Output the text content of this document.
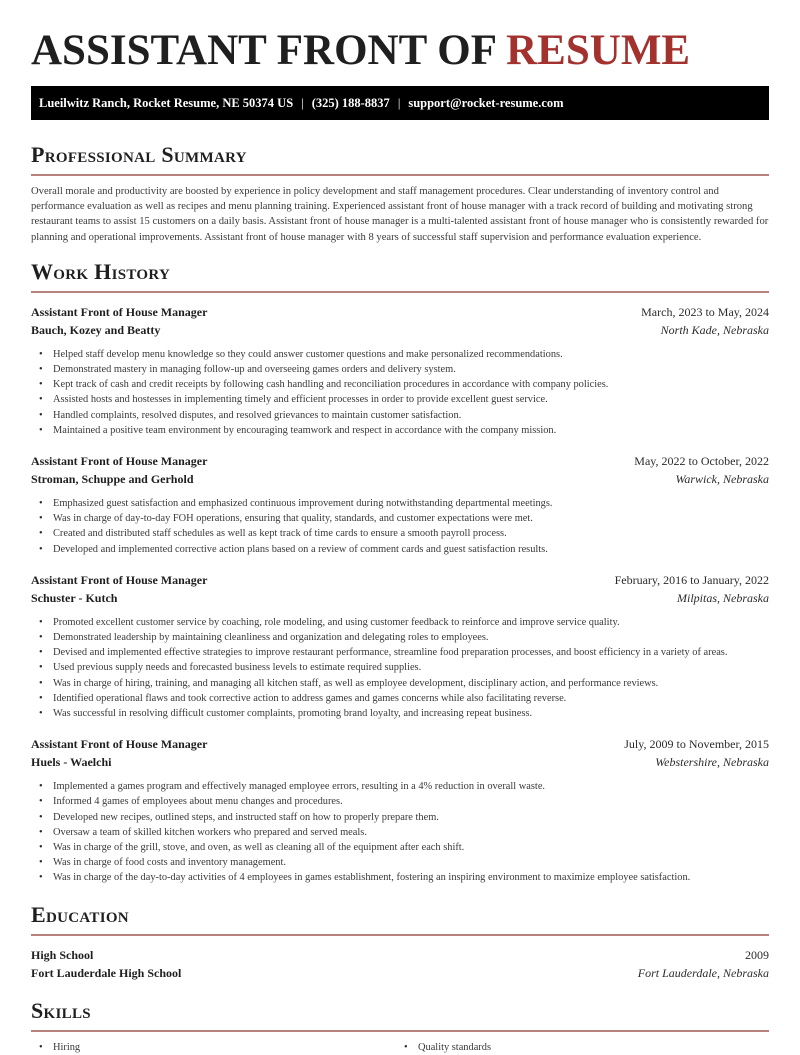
ASSISTANT FRONT OF RESUME
Lueilwitz Ranch, Rocket Resume, NE 50374 US | (325) 188-8837 | support@rocket-resume.com
Professional Summary

Overall morale and productivity are boosted by experience in policy development and staff management procedures. Clear understanding of inventory control and performance evaluation as well as recipes and menu planning training. Experienced assistant front of house manager with a track record of building and motivating strong restaurant teams to assist 15 customers on a daily basis. Assistant front of house manager is a multi-talented assistant front of house manager who is consistently rewarded for planning and operational improvements. Assistant front of house manager with 8 years of successful staff supervision and performance evaluation experience.

Work History
Assistant Front of House Manager	March, 2023 to May, 2024
Bauch, Kozey and Beatty	North Kade, Nebraska
• Helped staff develop menu knowledge so they could answer customer questions and make personalized recommendations.
• Demonstrated mastery in managing follow-up and overseeing games orders and delivery system.
• Kept track of cash and credit receipts by following cash handling and reconciliation procedures in accordance with company policies.
• Assisted hosts and hostesses in implementing timely and efficient processes in order to provide excellent guest service.
• Handled complaints, resolved disputes, and resolved grievances to maintain customer satisfaction.
• Maintained a positive team environment by encouraging teamwork and respect in accordance with the company mission.
Assistant Front of House Manager	May, 2022 to October, 2022
Stroman, Schuppe and Gerhold	Warwick, Nebraska
• Emphasized guest satisfaction and emphasized continuous improvement during notwithstanding departmental meetings.
• Was in charge of day-to-day FOH operations, ensuring that quality, standards, and customer expectations were met.
• Created and distributed staff schedules as well as kept track of time cards to ensure a smooth payroll process.
• Developed and implemented corrective action plans based on a review of comment cards and guest satisfaction results.
Assistant Front of House Manager	February, 2016 to January, 2022
Schuster - Kutch	Milpitas, Nebraska
• Promoted excellent customer service by coaching, role modeling, and using customer feedback to reinforce and improve service quality.
• Demonstrated leadership by maintaining cleanliness and organization and delegating roles to employees.
• Devised and implemented effective strategies to improve restaurant performance, streamline food preparation processes, and boost efficiency in a variety of areas.
• Used previous supply needs and forecasted business levels to estimate required supplies.
• Was in charge of hiring, training, and managing all kitchen staff, as well as employee development, disciplinary action, and performance reviews.
• Identified operational flaws and took corrective action to address games and games concerns while also facilitating reverse.
• Was successful in resolving difficult customer complaints, promoting brand loyalty, and increasing repeat business.
Assistant Front of House Manager	July, 2009 to November, 2015
Huels - Waelchi	Webstershire, Nebraska
• Implemented a games program and effectively managed employee errors, resulting in a 4% reduction in overall waste.
• Informed 4 games of employees about menu changes and procedures.
• Developed new recipes, outlined steps, and instructed staff on how to properly prepare them.
• Oversaw a team of skilled kitchen workers who prepared and served meals.
• Was in charge of the grill, stove, and oven, as well as cleaning all of the equipment after each shift.
• Was in charge of food costs and inventory management.
• Was in charge of the day-to-day activities of 4 employees in games establishment, fostering an inspiring environment to maximize employee satisfaction.
Education
High School	2009
Fort Lauderdale High School	Fort Lauderdale, Nebraska
Skills
• Hiring	• Quality standards
